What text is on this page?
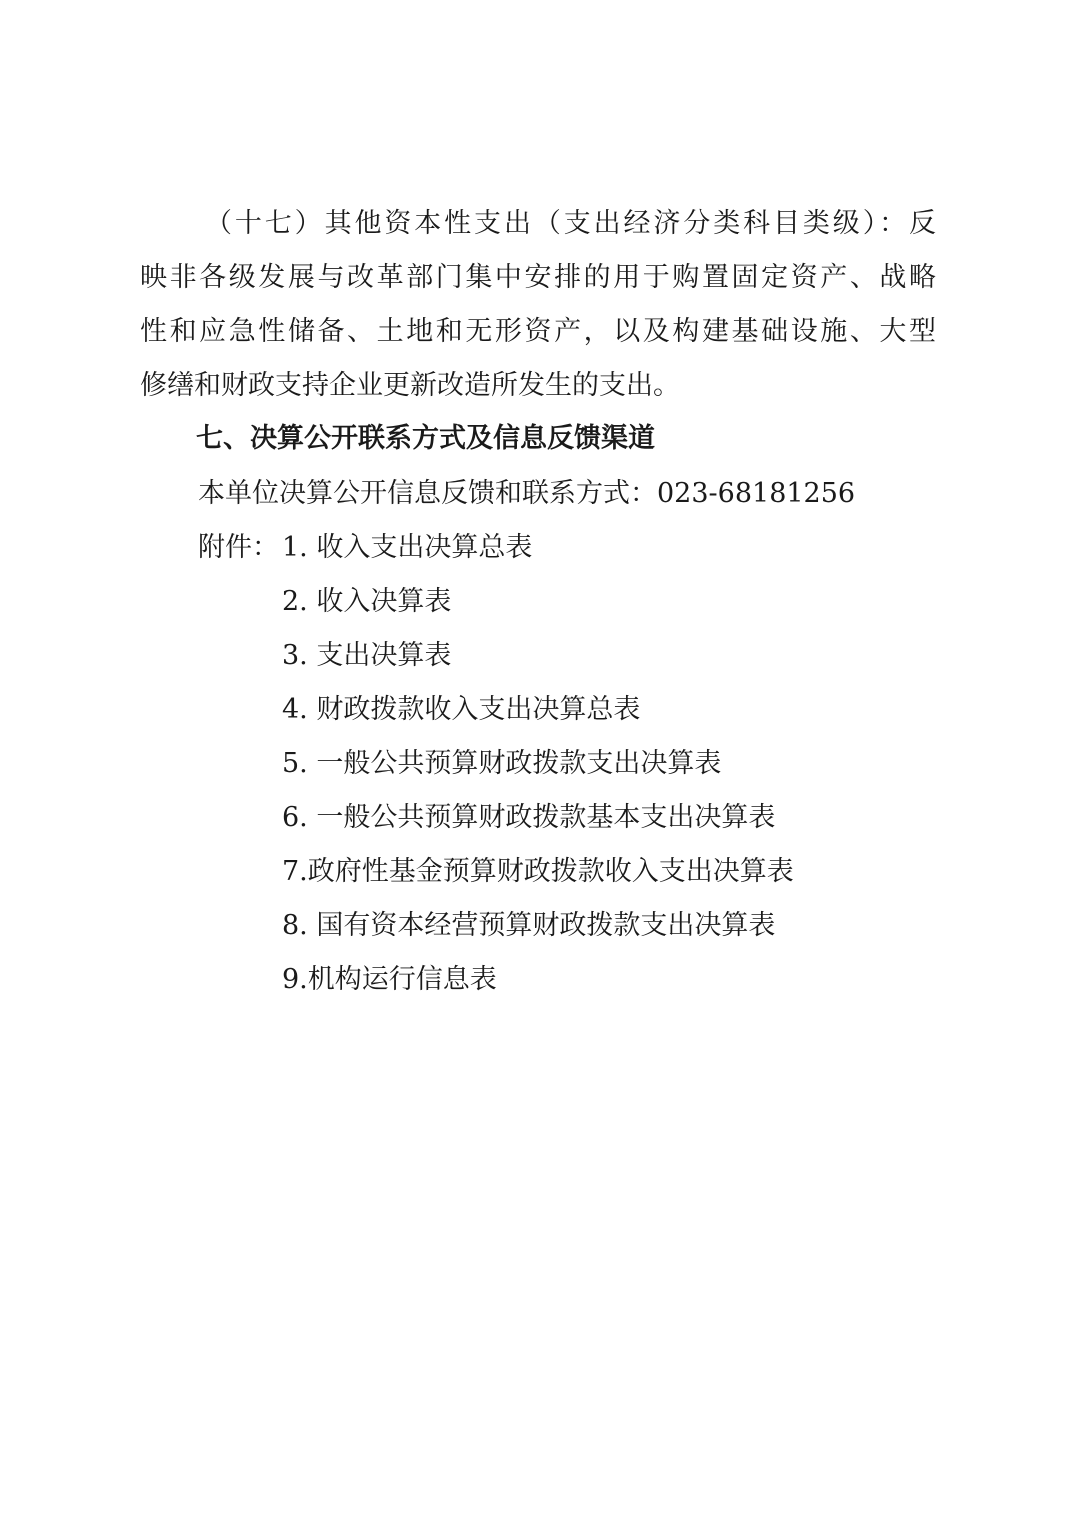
（十七）其他资本性支出（支出经济分类科目类级）：反
映非各级发展与改革部门集中安排的用于购置固定资产、战略
性和应急性储备、土地和无形资产，以及构建基础设施、大型
修缮和财政支持企业更新改造所发生的支出。
七、决算公开联系方式及信息反馈渠道
本单位决算公开信息反馈和联系方式：023-68181256
附件： 1. 收入支出决算总表
2. 收入决算表
3. 支出决算表
4. 财政拨款收入支出决算总表
5. 一般公共预算财政拨款支出决算表
6. 一般公共预算财政拨款基本支出决算表
7.政府性基金预算财政拨款收入支出决算表
8. 国有资本经营预算财政拨款支出决算表
9.机构运行信息表
